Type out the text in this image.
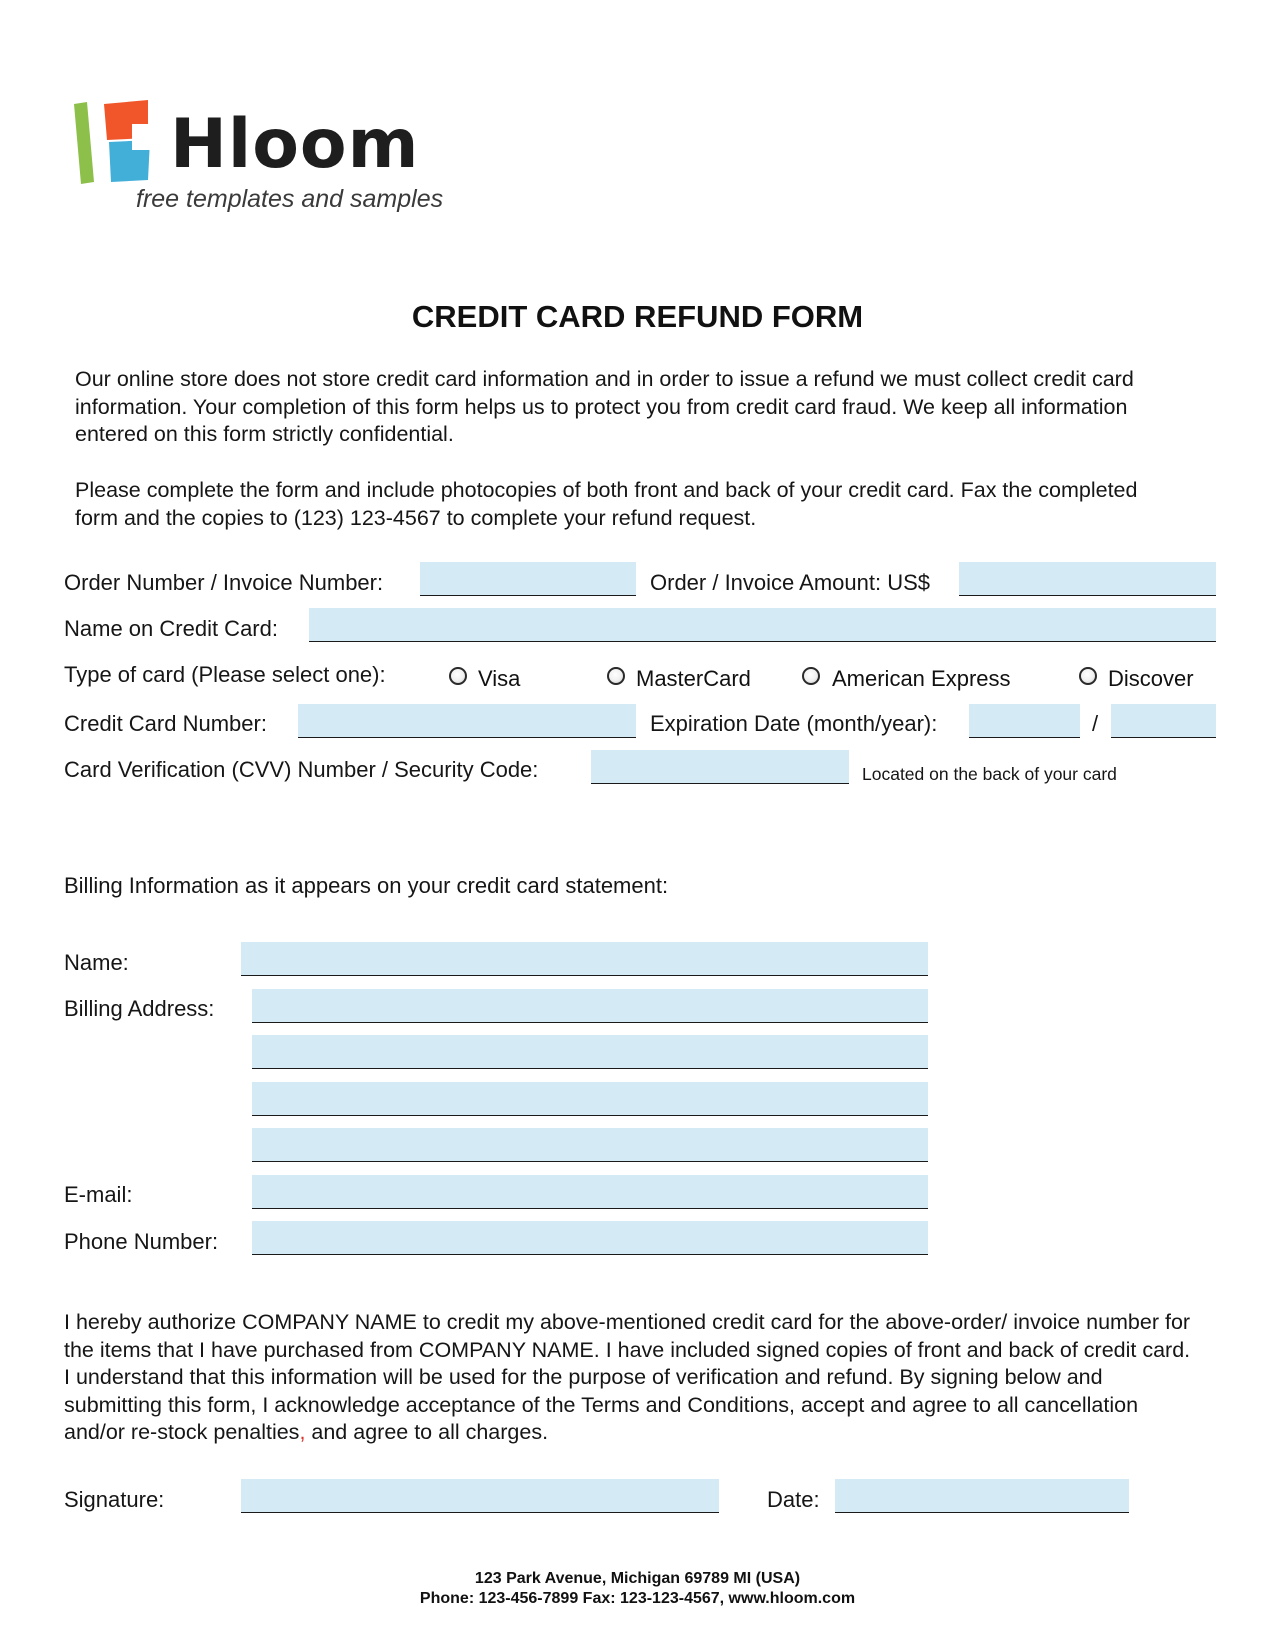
Hloom
free templates and samples
CREDIT CARD REFUND FORM
Our online store does not store credit card information and in order to issue a refund we must collect credit card information. Your completion of this form helps us to protect you from credit card fraud. We keep all information entered on this form strictly confidential.
Please complete the form and include photocopies of both front and back of your credit card. Fax the completed form and the copies to (123) 123-4567 to complete your refund request.
Order Number / Invoice Number:	Order / Invoice Amount: US$
Name on Credit Card:
Type of card (Please select one):	Visa	MasterCard	American Express	Discover
Credit Card Number:	Expiration Date (month/year):	/
Card Verification (CVV) Number / Security Code:	Located on the back of your card
Billing Information as it appears on your credit card statement:
Name:
Billing Address:
E-mail:
Phone Number:
I hereby authorize COMPANY NAME to credit my above-mentioned credit card for the above-order/ invoice number for the items that I have purchased from COMPANY NAME. I have included signed copies of front and back of credit card. I understand that this information will be used for the purpose of verification and refund. By signing below and submitting this form, I acknowledge acceptance of the Terms and Conditions, accept and agree to all cancellation and/or re-stock penalties, and agree to all charges.
Signature:	Date:
123 Park Avenue, Michigan 69789 MI (USA)
Phone: 123-456-7899 Fax: 123-123-4567, www.hloom.com
